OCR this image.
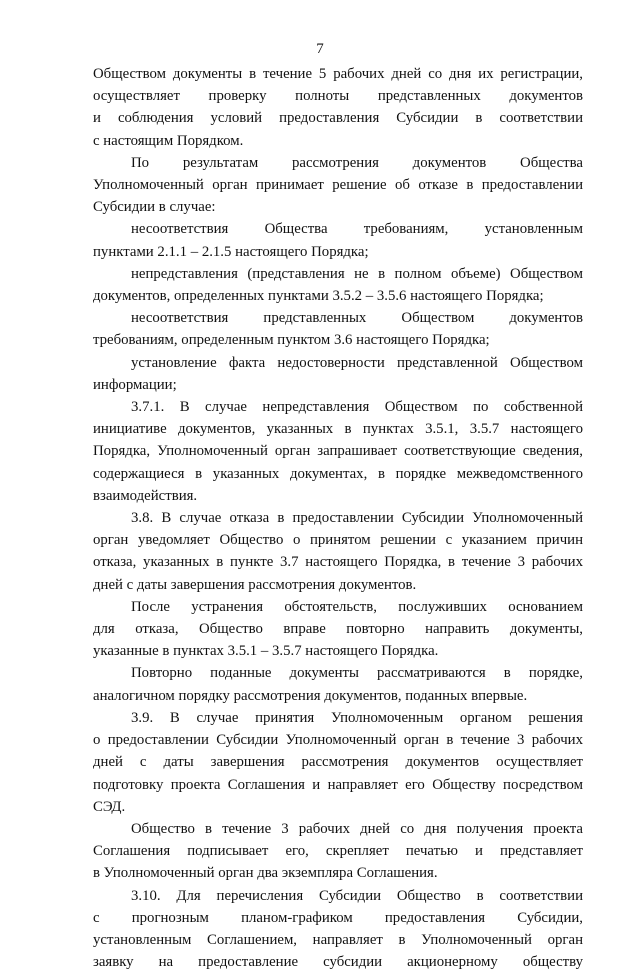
7

Обществом документы в течение 5 рабочих дней со дня их регистрации,

осуществляет проверку полноты представленных документов

и соблюдения условий предоставления Субсидии в соответствии

с настоящим Порядком.

По результатам рассмотрения документов Общества

Уполномоченный орган принимает решение об отказе в предоставлении

Субсидии в случае:

несоответствия Общества требованиям, установленным

пунктами 2.1.1 – 2.1.5 настоящего Порядка;

непредставления (представления не в полном объеме) Обществом

документов, определенных пунктами 3.5.2 – 3.5.6 настоящего Порядка;

несоответствия представленных Обществом документов

требованиям, определенным пунктом 3.6 настоящего Порядка;

установление факта недостоверности представленной Обществом

информации;

3.7.1. В случае непредставления Обществом по собственной

инициативе документов, указанных в пунктах 3.5.1, 3.5.7 настоящего

Порядка, Уполномоченный орган запрашивает соответствующие сведения,

содержащиеся в указанных документах, в порядке межведомственного

взаимодействия.

3.8. В случае отказа в предоставлении Субсидии Уполномоченный

орган уведомляет Общество о принятом решении с указанием причин

отказа, указанных в пункте 3.7 настоящего Порядка, в течение 3 рабочих

дней с даты завершения рассмотрения документов.

После устранения обстоятельств, послуживших основанием

для отказа, Общество вправе повторно направить документы,

указанные в пунктах 3.5.1 – 3.5.7 настоящего Порядка.

Повторно поданные документы рассматриваются в порядке,

аналогичном порядку рассмотрения документов, поданных впервые.

3.9. В случае принятия Уполномоченным органом решения

о предоставлении Субсидии Уполномоченный орган в течение 3 рабочих

дней с даты завершения рассмотрения документов осуществляет

подготовку проекта Соглашения и направляет его Обществу посредством

СЭД.

Общество в течение 3 рабочих дней со дня получения проекта

Соглашения подписывает его, скрепляет печатью и представляет

в Уполномоченный орган два экземпляра Соглашения.

3.10. Для перечисления Субсидии Общество в соответствии

с прогнозным планом-графиком предоставления Субсидии,

установленным Соглашением, направляет в Уполномоченный орган

заявку на предоставление субсидии акционерному обществу
